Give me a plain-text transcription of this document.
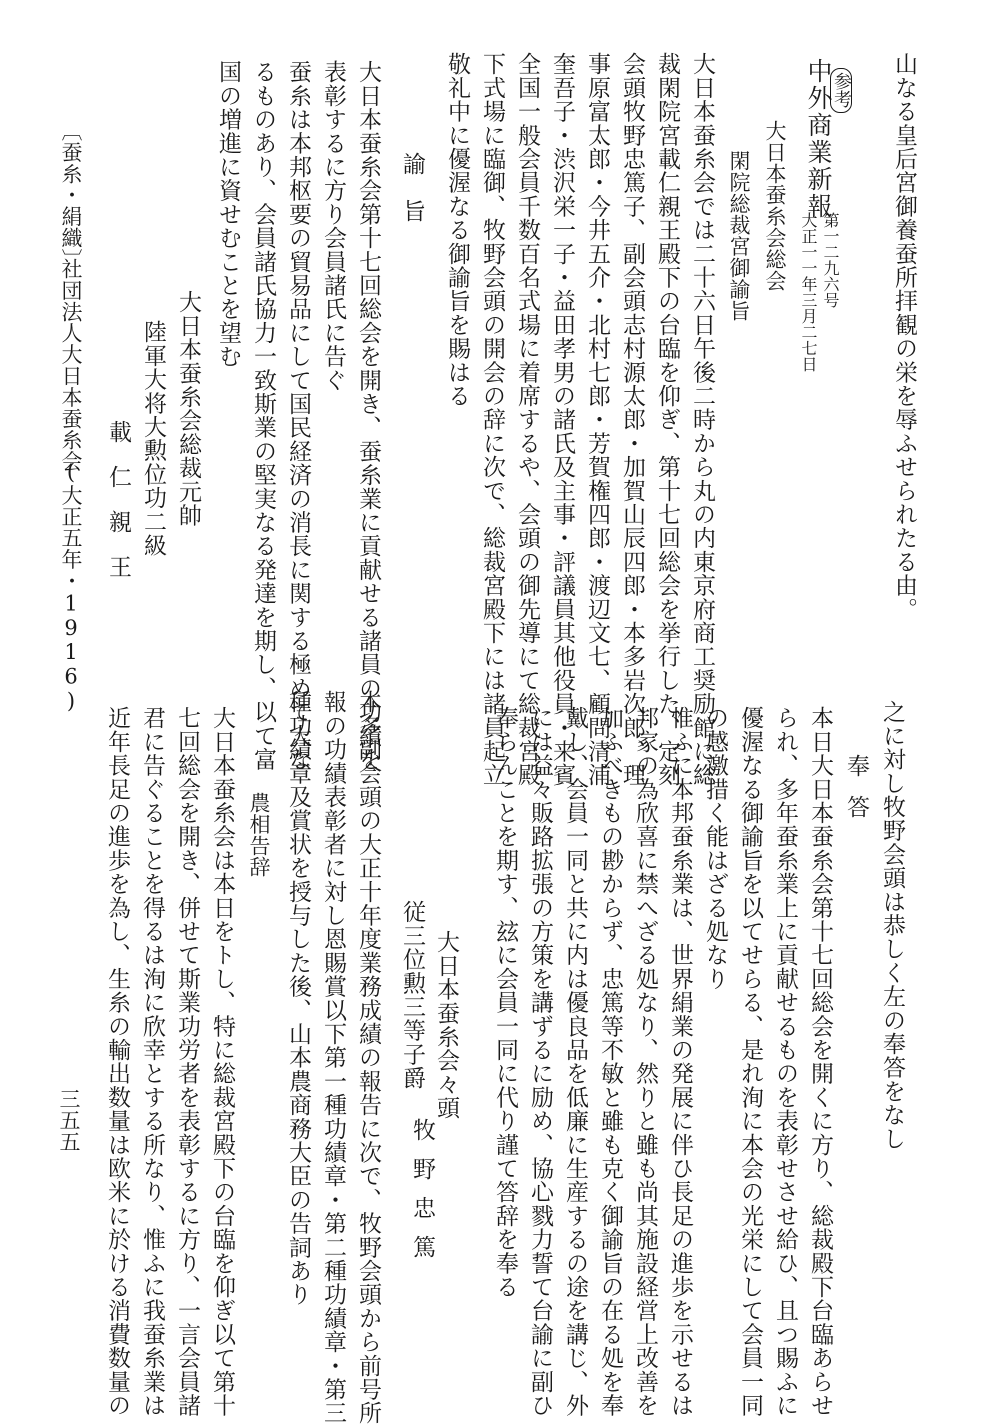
山なる皇后宮御養蚕所拝観の栄を辱ふせられたる由。
参考
中外商業新報
第一二九六号
大正一一年三月二七日
大日本蚕糸会総会
閑院総裁宮御諭旨
大日本蚕糸会では二十六日午後二時から丸の内東京府商工奨励館に総
裁閑院宮載仁親王殿下の台臨を仰ぎ、第十七回総会を挙行した、定刻
会頭牧野忠篤子、副会頭志村源太郎・加賀山辰四郎・本多岩次郎、理
事原富太郎・今井五介・北村七郎・芳賀権四郎・渡辺文七、顧問清浦
奎吾子・渋沢栄一子・益田孝男の諸氏及主事・評議員其他役員・来賓
全国一般会員千数百名式場に着席するや、会頭の御先導にて総裁宮殿
下式場に臨御、牧野会頭の開会の辞に次で、総裁宮殿下には諸員起立
敬礼中に優渥なる御諭旨を賜はる
諭旨
大日本蚕糸会第十七回総会を開き、蚕糸業に貢献せる諸員の功績を
表彰するに方り会員諸氏に告ぐ
蚕糸は本邦枢要の貿易品にして国民経済の消長に関する極めて大な
るものあり、会員諸氏協力一致斯業の堅実なる発達を期し、以て富
国の増進に資せむことを望む
大日本蚕糸会総裁元帥
陸軍大将大勲位功二級
載仁親王
〔蚕糸・絹織〕
社団法人大日本蚕糸会
(大正五年・1916)
之に対し牧野会頭は恭しく左の奉答をなし
奉答
本日大日本蚕糸会第十七回総会を開くに方り、総裁殿下台臨あらせ
られ、多年蚕糸業上に貢献せるものを表彰せさせ給ひ、且つ賜ふに
優渥なる御諭旨を以てせらる、是れ洵に本会の光栄にして会員一同
の感激措く能はざる処なり
惟ふに本邦蚕糸業は、世界絹業の発展に伴ひ長足の進歩を示せるは
邦家の為欣喜に禁へざる処なり、然りと雖も尚其施設経営上改善を
加ふべきもの尠からず、忠篤等不敏と雖も克く御諭旨の在る処を奉
戴し、会員一同と共に内は優良品を低廉に生産するの途を講じ、外
には益々販路拡張の方策を講ずるに励め、協心戮力誓て台諭に副ひ
奉らんことを期す、玆に会員一同に代り謹て答辞を奉る
大日本蚕糸会々頭
従三位勲三等子爵
牧野忠篤
本多副会頭の大正十年度業務成績の報告に次で、牧野会頭から前号所
報の功績表彰者に対し恩賜賞以下第一種功績章・第二種功績章・第三
種功績章及賞状を授与した後、山本農商務大臣の告詞あり
農相告辞
大日本蚕糸会は本日をトし、特に総裁宮殿下の台臨を仰ぎ以て第十
七回総会を開き、併せて斯業功労者を表彰するに方り、一言会員諸
君に告ぐることを得るは洵に欣幸とする所なり、惟ふに我蚕糸業は
近年長足の進歩を為し、生糸の輸出数量は欧米に於ける消費数量の
三五五
